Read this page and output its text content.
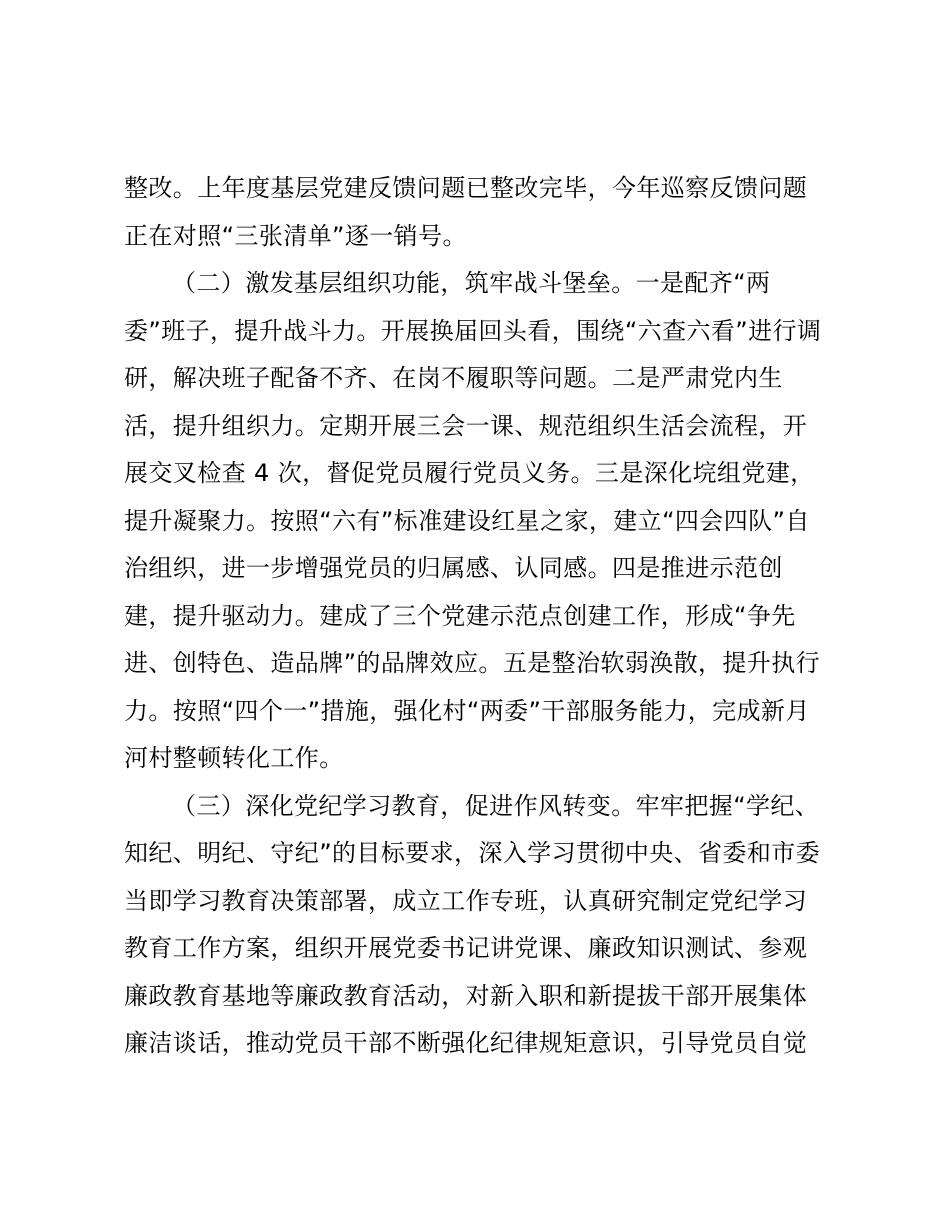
整改。上年度基层党建反馈问题已整改完毕，今年巡察反馈问题
正在对照“三张清单”逐一销号。
（二）激发基层组织功能，筑牢战斗堡垒。一是配齐“两
委”班子，提升战斗力。开展换届回头看，围绕“六查六看”进行调
研，解决班子配备不齐、在岗不履职等问题。二是严肃党内生
活，提升组织力。定期开展三会一课、规范组织生活会流程，开
展交叉检查 4 次，督促党员履行党员义务。三是深化垸组党建，
提升凝聚力。按照“六有”标准建设红星之家，建立“四会四队”自
治组织，进一步增强党员的归属感、认同感。四是推进示范创
建，提升驱动力。建成了三个党建示范点创建工作，形成“争先
进、创特色、造品牌”的品牌效应。五是整治软弱涣散，提升执行
力。按照“四个一”措施，强化村“两委”干部服务能力，完成新月
河村整顿转化工作。
（三）深化党纪学习教育，促进作风转变。牢牢把握“学纪、
知纪、明纪、守纪”的目标要求，深入学习贯彻中央、省委和市委
当即学习教育决策部署，成立工作专班，认真研究制定党纪学习
教育工作方案，组织开展党委书记讲党课、廉政知识测试、参观
廉政教育基地等廉政教育活动，对新入职和新提拔干部开展集体
廉洁谈话，推动党员干部不断强化纪律规矩意识，引导党员自觉
